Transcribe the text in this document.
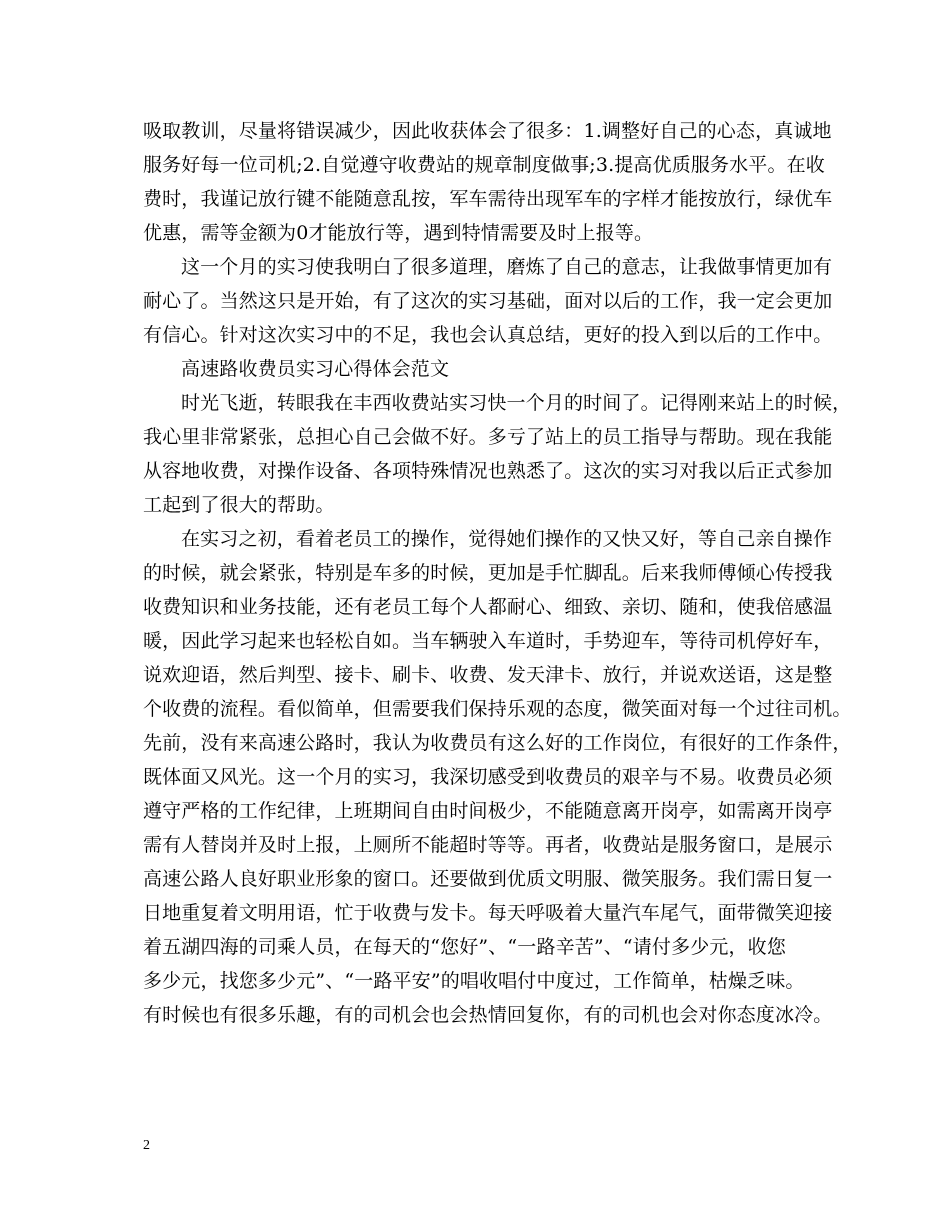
吸取教训，尽量将错误减少，因此收获体会了很多：1.调整好自己的心态，真诚地
服务好每一位司机;2.自觉遵守收费站的规章制度做事;3.提高优质服务水平。在收
费时，我谨记放行键不能随意乱按，军车需待出现军车的字样才能按放行，绿优车
优惠，需等金额为0才能放行等，遇到特情需要及时上报等。
这一个月的实习使我明白了很多道理，磨炼了自己的意志，让我做事情更加有
耐心了。当然这只是开始，有了这次的实习基础，面对以后的工作，我一定会更加
有信心。针对这次实习中的不足，我也会认真总结，更好的投入到以后的工作中。
高速路收费员实习心得体会范文
时光飞逝，转眼我在丰西收费站实习快一个月的时间了。记得刚来站上的时候，
我心里非常紧张，总担心自己会做不好。多亏了站上的员工指导与帮助。现在我能
从容地收费，对操作设备、各项特殊情况也熟悉了。这次的实习对我以后正式参加
工起到了很大的帮助。
在实习之初，看着老员工的操作，觉得她们操作的又快又好，等自己亲自操作
的时候，就会紧张，特别是车多的时候，更加是手忙脚乱。后来我师傅倾心传授我
收费知识和业务技能，还有老员工每个人都耐心、细致、亲切、随和，使我倍感温
暖，因此学习起来也轻松自如。当车辆驶入车道时，手势迎车，等待司机停好车，
说欢迎语，然后判型、接卡、刷卡、收费、发天津卡、放行，并说欢送语，这是整
个收费的流程。看似简单，但需要我们保持乐观的态度，微笑面对每一个过往司机。
先前，没有来高速公路时，我认为收费员有这么好的工作岗位，有很好的工作条件，
既体面又风光。这一个月的实习，我深切感受到收费员的艰辛与不易。收费员必须
遵守严格的工作纪律，上班期间自由时间极少，不能随意离开岗亭，如需离开岗亭
需有人替岗并及时上报，上厕所不能超时等等。再者，收费站是服务窗口，是展示
高速公路人良好职业形象的窗口。还要做到优质文明服、微笑服务。我们需日复一
日地重复着文明用语，忙于收费与发卡。每天呼吸着大量汽车尾气，面带微笑迎接
着五湖四海的司乘人员，在每天的“您好”、“一路辛苦”、“请付多少元，收您
多少元，找您多少元”、“一路平安”的唱收唱付中度过，工作简单，枯燥乏味。
有时候也有很多乐趣，有的司机会也会热情回复你，有的司机也会对你态度冰冷。
2
